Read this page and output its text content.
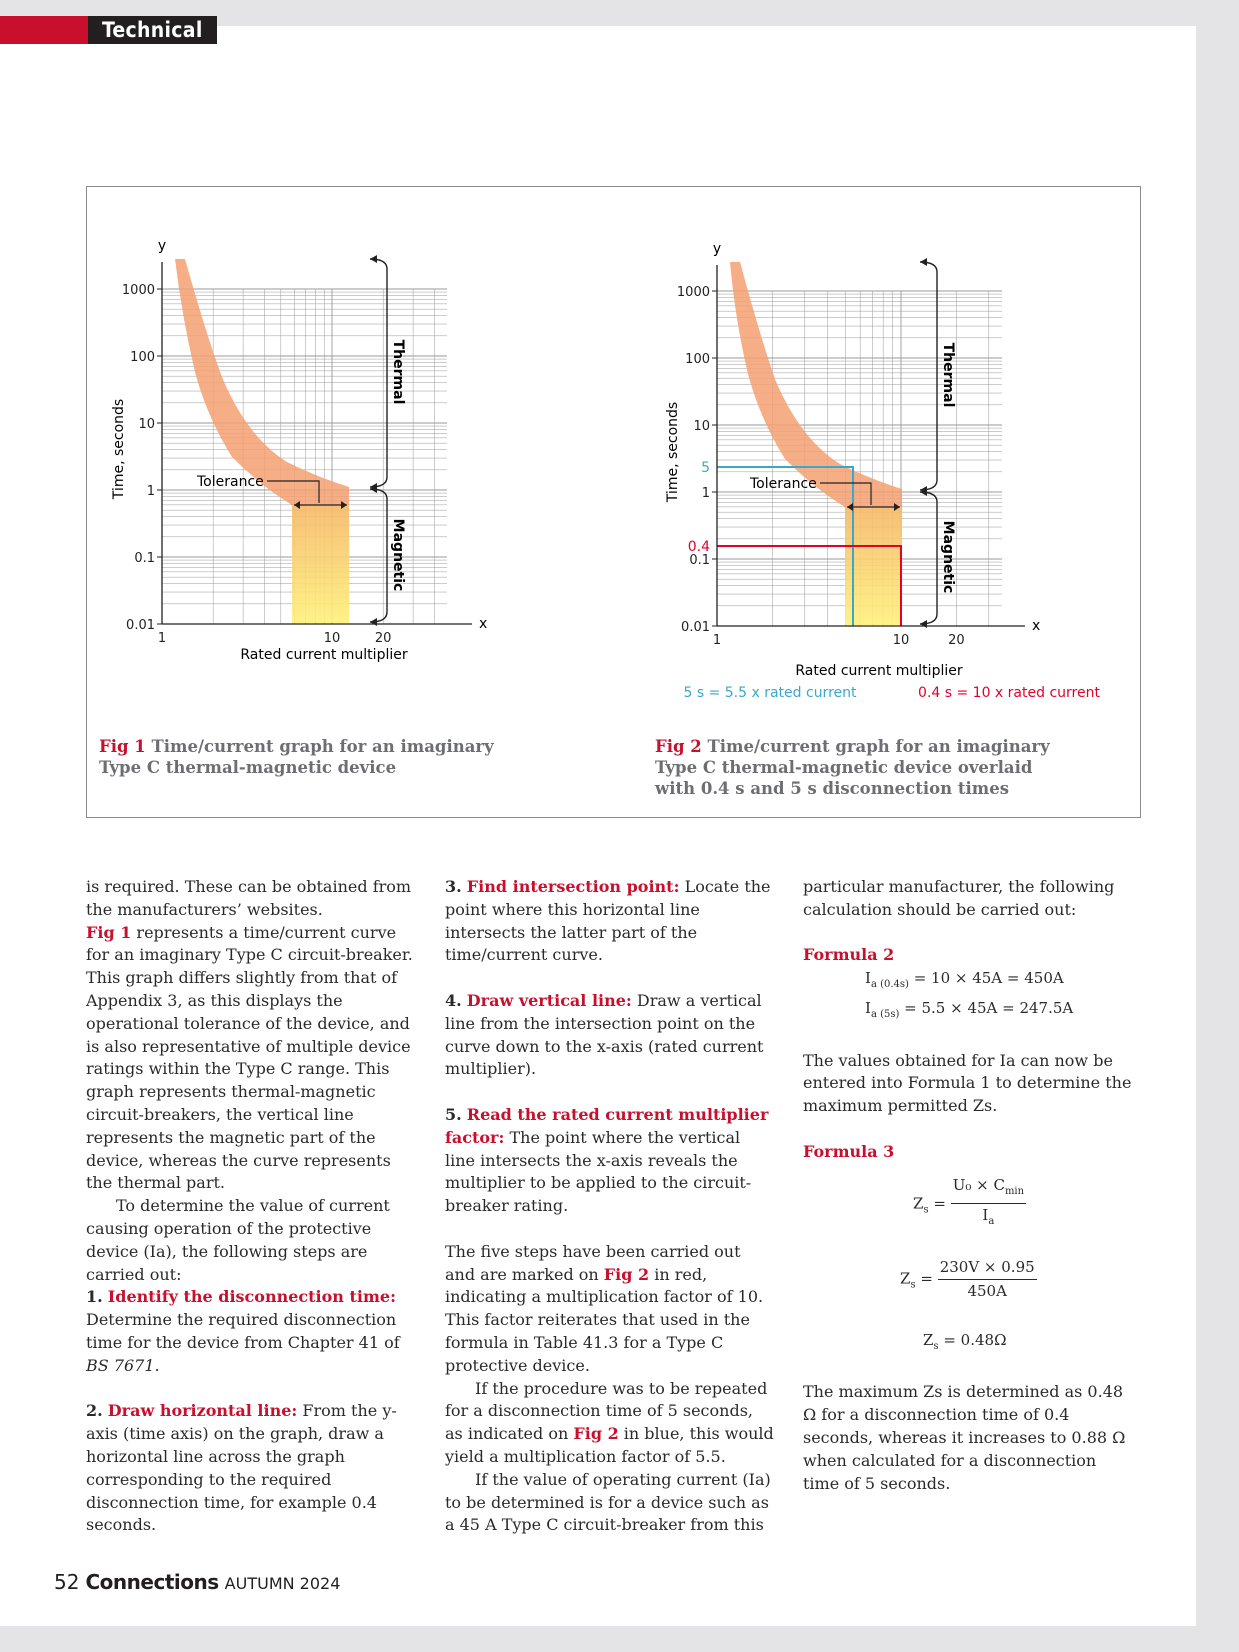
Technical
y
x
1000
100
10
1
0.1
0.01
1	10	20
Time, seconds
Rated current multiplier
Tolerance
Thermal
Magnetic
Fig 1 Time/current graph for an imaginary Type C thermal-magnetic device
y
x
1000
100
10
1
0.1
0.01
5
0.4
1	10	20
Time, seconds
Rated current multiplier
5 s = 5.5 x rated current	0.4 s = 10 x rated current
Tolerance
Thermal
Magnetic
Fig 2 Time/current graph for an imaginary Type C thermal-magnetic device overlaid with 0.4 s and 5 s disconnection times

is required. These can be obtained from the manufacturers’ websites.

Fig 1 represents a time/current curve for an imaginary Type C circuit-breaker. This graph differs slightly from that of Appendix 3, as this displays the operational tolerance of the device, and is also representative of multiple device ratings within the Type C range. This graph represents thermal-magnetic circuit-breakers, the vertical line represents the magnetic part of the device, whereas the curve represents the thermal part.

To determine the value of current causing operation of the protective device (Ia), the following steps are carried out:

1. Identify the disconnection time:
Determine the required disconnection time for the device from Chapter 41 of BS 7671.

2. Draw horizontal line: From the y-axis (time axis) on the graph, draw a horizontal line across the graph corresponding to the required disconnection time, for example 0.4 seconds.

3. Find intersection point: Locate the point where this horizontal line intersects the latter part of the time/current curve.

4. Draw vertical line: Draw a vertical line from the intersection point on the curve down to the x-axis (rated current multiplier).

5. Read the rated current multiplier factor: The point where the vertical line intersects the x-axis reveals the multiplier to be applied to the circuit-breaker rating.

The five steps have been carried out and are marked on Fig 2 in red, indicating a multiplication factor of 10. This factor reiterates that used in the formula in Table 41.3 for a Type C protective device.

If the procedure was to be repeated for a disconnection time of 5 seconds, as indicated on Fig 2 in blue, this would yield a multiplication factor of 5.5.

If the value of operating current (Ia) to be determined is for a device such as a 45 A Type C circuit-breaker from this

particular manufacturer, the following calculation should be carried out:

Formula 2

$I_{a (0.4s)} = 10 \times 45A = 450A$
$I_{a (5s)} = 5.5 \times 45A = 247.5A$

The values obtained for Ia can now be entered into Formula 1 to determine the maximum permitted Zs.

Formula 3

$Z_s = \frac{U_0 \times C_{min}}{I_a}$
$Z_s = \frac{230V \times 0.95}{450A}$
$Z_s = 0.48\Omega$

The maximum Zs is determined as 0.48 Ω for a disconnection time of 0.4 seconds, whereas it increases to 0.88 Ω when calculated for a disconnection time of 5 seconds.

52 Connections AUTUMN 2024
